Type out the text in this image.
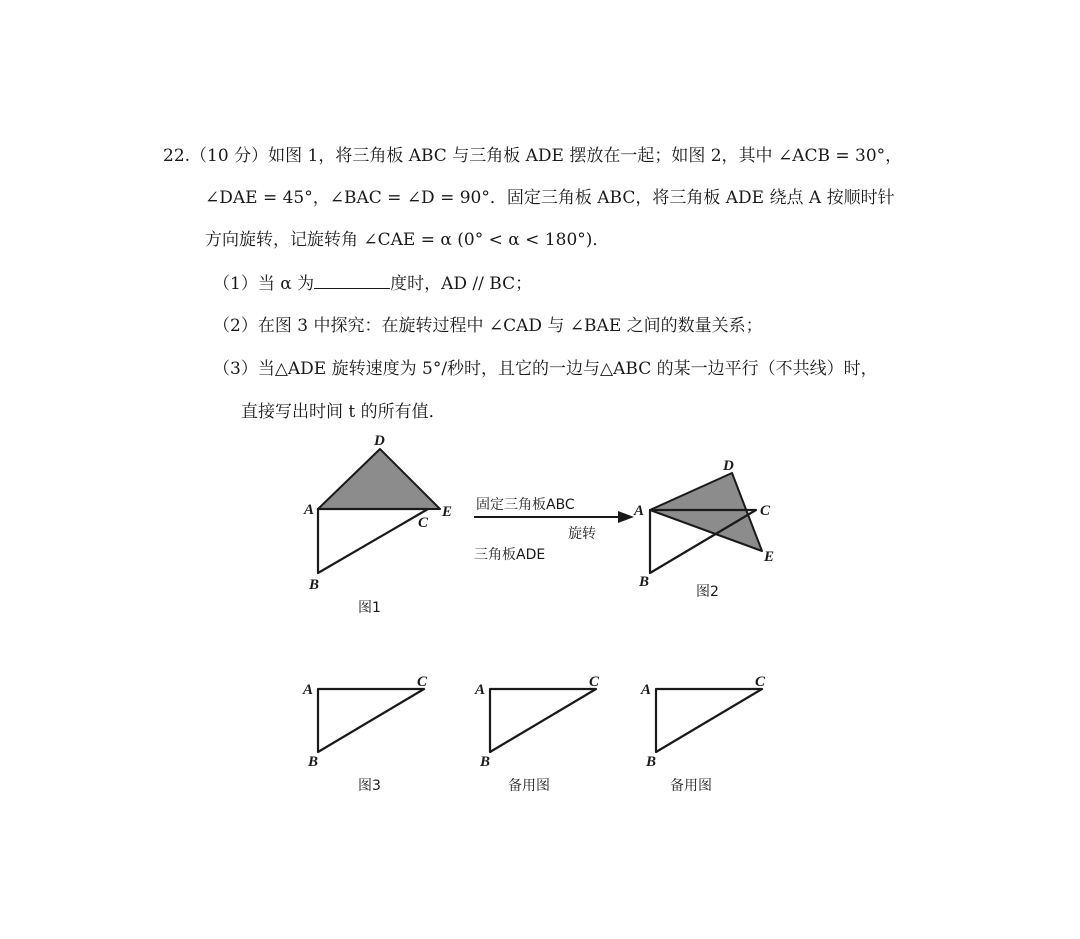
22.（10 分）如图 1，将三角板 ABC 与三角板 ADE 摆放在一起；如图 2，其中 ∠ACB = 30°，
∠DAE = 45°，∠BAC = ∠D = 90°．固定三角板 ABC，将三角板 ADE 绕点 A 按顺时针
方向旋转，记旋转角 ∠CAE = α (0° < α < 180°)．
（1）当 α 为	度时，AD // BC；
（2）在图 3 中探究：在旋转过程中 ∠CAD 与 ∠BAE 之间的数量关系；
（3）当△ADE 旋转速度为 5°/秒时，且它的一边与△ABC 的某一边平行（不共线）时，
直接写出时间 t 的所有值．
D
A
C
E
B
图1
固定三角板ABC
旋转
三角板ADE
D
A	C
E
B
图2
A	C
B
图3
A	C
B
备用图
A	C
B
备用图
